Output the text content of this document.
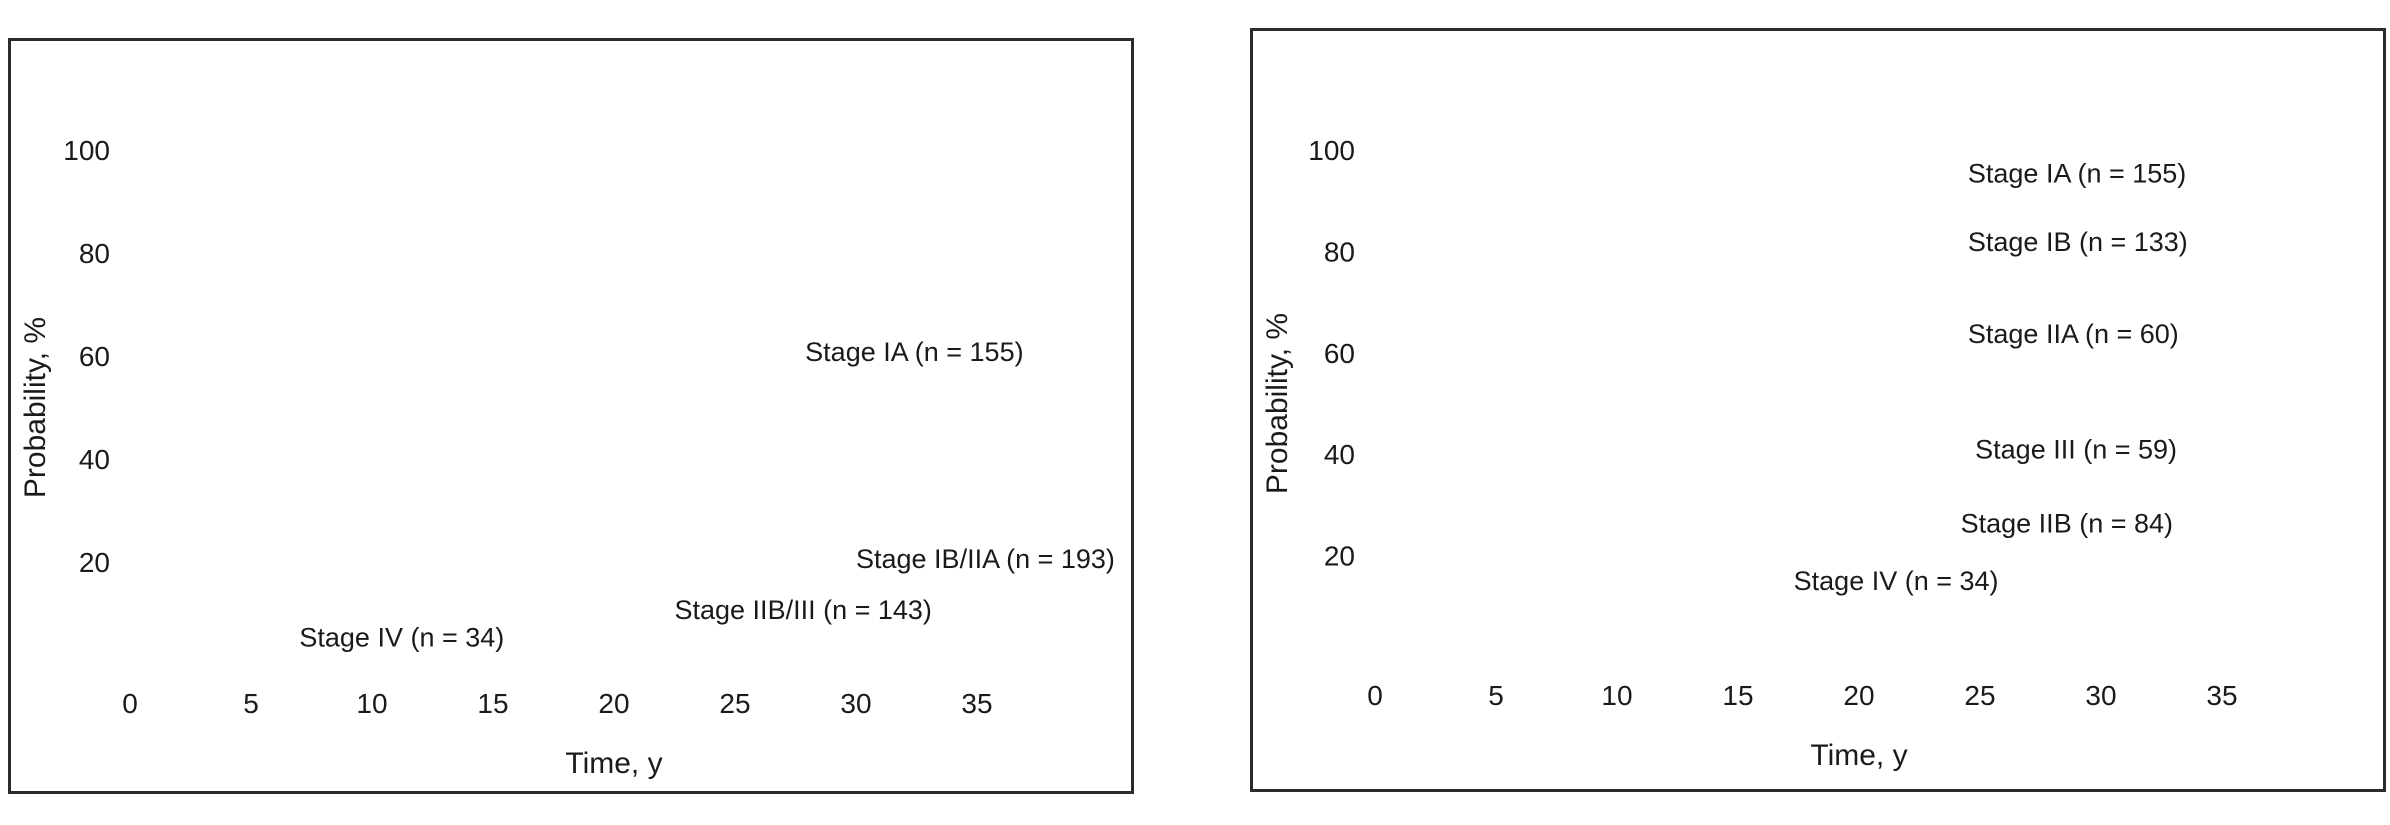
0	5	10	15	20	25	30	35
20
40
60
80
100
Time, y
Probability, %	Stage IA (n = 155)
Stage IB/IIA (n = 193)
Stage IIB/III (n = 143)
Stage IV (n = 34)
0	5	10	15	20	25	30	35
20
40
60
80
100
Time, y
Probability, %
Stage IA (n = 155)
Stage IB (n = 133)
Stage IIA (n = 60)
Stage III (n = 59)
Stage IIB (n = 84)
Stage IV (n = 34)
